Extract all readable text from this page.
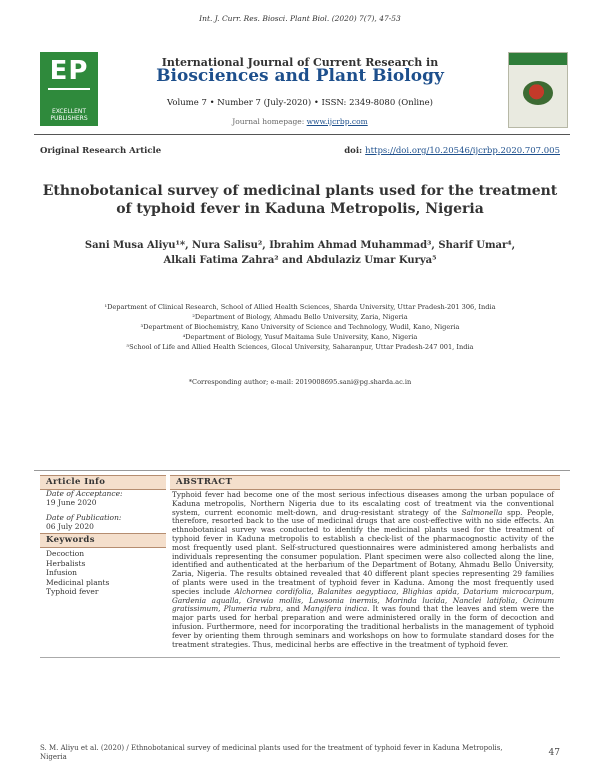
Int. J. Curr. Res. Biosci. Plant Biol. (2020) 7(7), 47-53
EP
EXCELLENT PUBLISHERS
International Journal of Current Research in
Biosciences and Plant Biology
Volume 7 • Number 7 (July-2020) • ISSN: 2349-8080 (Online)
Journal homepage: www.ijcrbp.com
Original Research Article	doi: https://doi.org/10.20546/ijcrbp.2020.707.005
Ethnobotanical survey of medicinal plants used for the treatment of typhoid fever in Kaduna Metropolis, Nigeria
Sani Musa Aliyu¹*, Nura Salisu², Ibrahim Ahmad Muhammad³, Sharif Umar⁴,
Alkali Fatima Zahra² and Abdulaziz Umar Kurya⁵
¹Department of Clinical Research, School of Allied Health Sciences, Sharda University, Uttar Pradesh-201 306, India
²Department of Biology, Ahmadu Bello University, Zaria, Nigeria
³Department of Biochemistry, Kano University of Science and Technology, Wudil, Kano, Nigeria
⁴Department of Biology, Yusuf Maitama Sule University, Kano, Nigeria
⁵School of Life and Allied Health Sciences, Glocal University, Saharanpur, Uttar Pradesh-247 001, India
*Corresponding author; e-mail: 2019008695.sani@pg.sharda.ac.in
Article Info
Date of Acceptance:
19 June 2020
Date of Publication:
06 July 2020
Keywords
ABSTRACT
Typhoid fever had become one of the most serious infectious diseases among the urban populace of Kaduna metropolis, Northern Nigeria due to its escalating cost of treatment via the conventional system, current economic melt-down, and drug-resistant strategy of the Salmonella spp. People, therefore, resorted back to the use of medicinal drugs that are cost-effective with no side effects. An ethnobotanical survey was conducted to identify the medicinal plants used for the treatment of typhoid fever in Kaduna metropolis to establish a check-list of the pharmacognostic activity of the most frequently used plant. Self-structured questionnaires were administered among herbalists and individuals representing the consumer population. Plant specimen were also collected along the line, identified and authenticated at the herbarium of the Department of Botany, Ahmadu Bello University, Zaria, Nigeria. The results obtained revealed that 40 different plant species representing 29 families of plants were used in the treatment of typhoid fever in Kaduna. Among the most frequently used species include Alchornea cordifolia, Balanites aegyptiaca, Blighias apida, Datarium microcarpum, Gardenia aqualla, Grewia mollis, Lawsonia inermis, Morinda lucida, Nanclei latifolia, Ocimum gratissimum, Plumeria rubra, and Mangifera indica. It was found that the leaves and stem were the major parts used for herbal preparation and were administered orally in the form of decoction and infusion. Furthermore, need for incorporating the traditional herbalists in the management of typhoid fever by orienting them through seminars and workshops on how to formulate standard doses for the treatment strategies. Thus, medicinal herbs are effective in the treatment of typhoid fever.
S. M. Aliyu et al. (2020) / Ethnobotanical survey of medicinal plants used for the treatment of typhoid fever in Kaduna Metropolis, Nigeria	47
Decoction
Herbalists
Infusion
Medicinal plants
Typhoid fever
